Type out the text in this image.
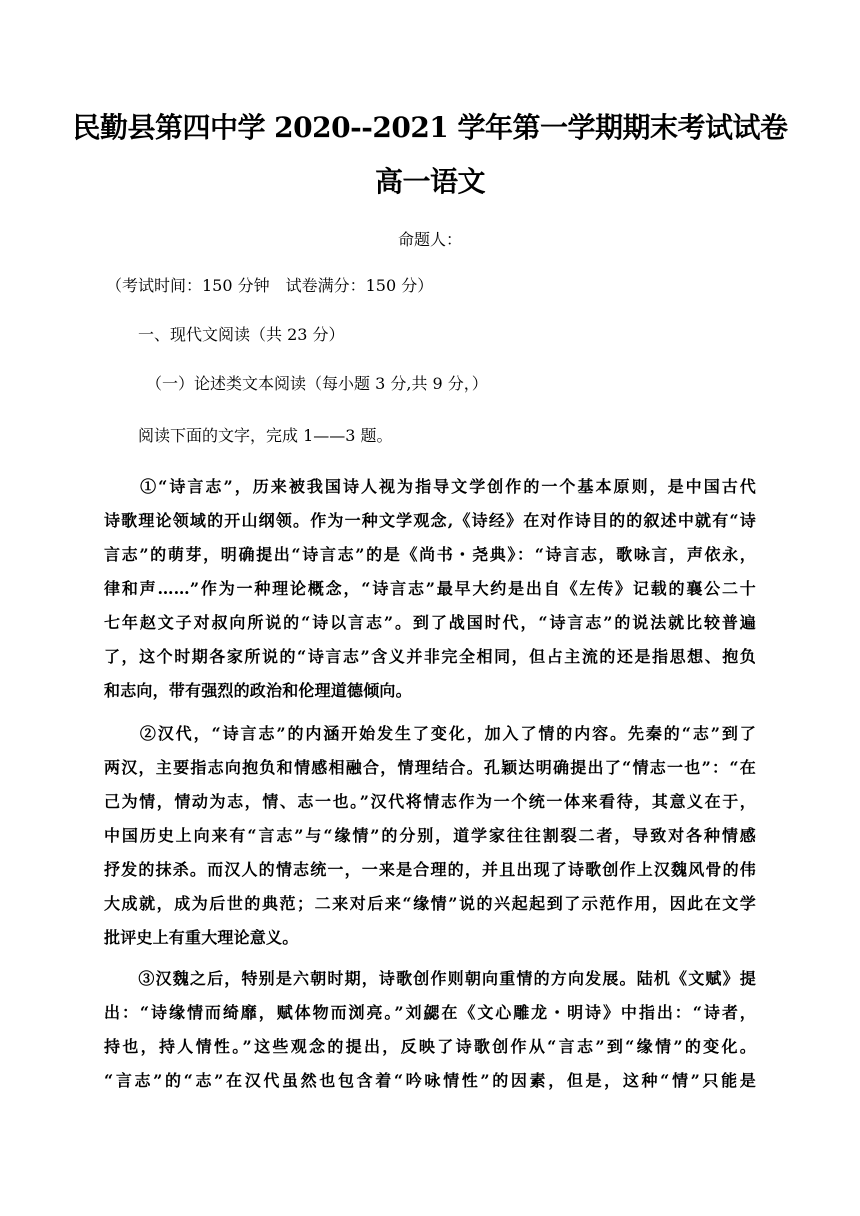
民勤县第四中学 2020--2021 学年第一学期期末考试试卷
高一语文
命题人：
（考试时间：150 分钟　试卷满分：150 分）
一、现代文阅读（共 23 分）
（一）论述类文本阅读（每小题 3 分,共 9 分，）
阅读下面的文字，完成 1——3 题。
　　①“诗言志”，历来被我国诗人视为指导文学创作的一个基本原则，是中国古代
诗歌理论领域的开山纲领。作为一种文学观念,《诗经》在对作诗目的的叙述中就有“诗
言志”的萌芽，明确提出“诗言志”的是《尚书・尧典》：“诗言志，歌咏言，声依永，
律和声……”作为一种理论概念，“诗言志”最早大约是出自《左传》记载的襄公二十
七年赵文子对叔向所说的“诗以言志”。到了战国时代，“诗言志”的说法就比较普遍
了，这个时期各家所说的“诗言志”含义并非完全相同，但占主流的还是指思想、抱负
和志向，带有强烈的政治和伦理道德倾向。
　　②汉代，“诗言志”的内涵开始发生了变化，加入了情的内容。先秦的“志”到了
两汉，主要指志向抱负和情感相融合，情理结合。孔颖达明确提出了“情志一也”：“在
己为情，情动为志，情、志一也。”汉代将情志作为一个统一体来看待，其意义在于，
中国历史上向来有“言志”与“缘情”的分别，道学家往往割裂二者，导致对各种情感
抒发的抹杀。而汉人的情志统一，一来是合理的，并且出现了诗歌创作上汉魏风骨的伟
大成就，成为后世的典范；二来对后来“缘情”说的兴起起到了示范作用，因此在文学
批评史上有重大理论意义。
　　③汉魏之后，特别是六朝时期，诗歌创作则朝向重情的方向发展。陆机《文赋》提
出：“诗缘情而绮靡，赋体物而浏亮。”刘勰在《文心雕龙・明诗》中指出：“诗者，
持也，持人情性。”这些观念的提出，反映了诗歌创作从“言志”到“缘情”的变化。
“言志”的“志”在汉代虽然也包含着“吟咏情性”的因素，但是，这种“情”只能是
